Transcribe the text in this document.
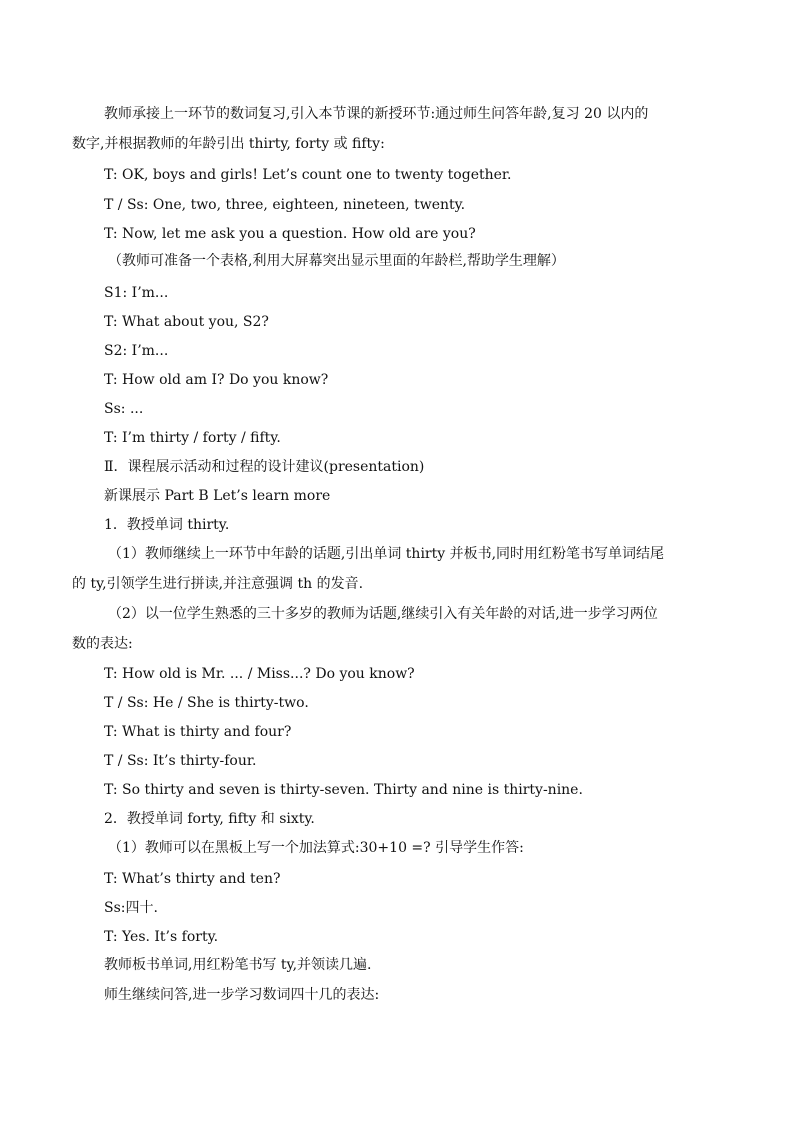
教师承接上一环节的数词复习,引入本节课的新授环节:通过师生问答年龄,复习 20 以内的
数字,并根据教师的年龄引出 thirty, forty 或 fifty:
T: OK, boys and girls! Let’s count one to twenty together.
T / Ss: One, two, three, eighteen, nineteen, twenty.
T: Now, let me ask you a question. How old are you?
（教师可准备一个表格,利用大屏幕突出显示里面的年龄栏,帮助学生理解）
S1: I’m...
T: What about you, S2?
S2: I’m...
T: How old am I? Do you know?
Ss: ...
T: I’m thirty / forty / fifty.
Ⅱ．课程展示活动和过程的设计建议(presentation)
新课展示 Part B Let’s learn more
1．教授单词 thirty.
（1）教师继续上一环节中年龄的话题,引出单词 thirty 并板书,同时用红粉笔书写单词结尾
的 ty,引领学生进行拼读,并注意强调 th 的发音.
（2）以一位学生熟悉的三十多岁的教师为话题,继续引入有关年龄的对话,进一步学习两位
数的表达:
T: How old is Mr. ... / Miss...? Do you know?
T / Ss: He / She is thirty-two.
T: What is thirty and four?
T / Ss: It’s thirty-four.
T: So thirty and seven is thirty-seven. Thirty and nine is thirty-nine.
2．教授单词 forty, fifty 和 sixty.
（1）教师可以在黑板上写一个加法算式:30+10 =? 引导学生作答:
T: What’s thirty and ten?
Ss:四十.
T: Yes. It’s forty.
教师板书单词,用红粉笔书写 ty,并领读几遍.
师生继续问答,进一步学习数词四十几的表达:
